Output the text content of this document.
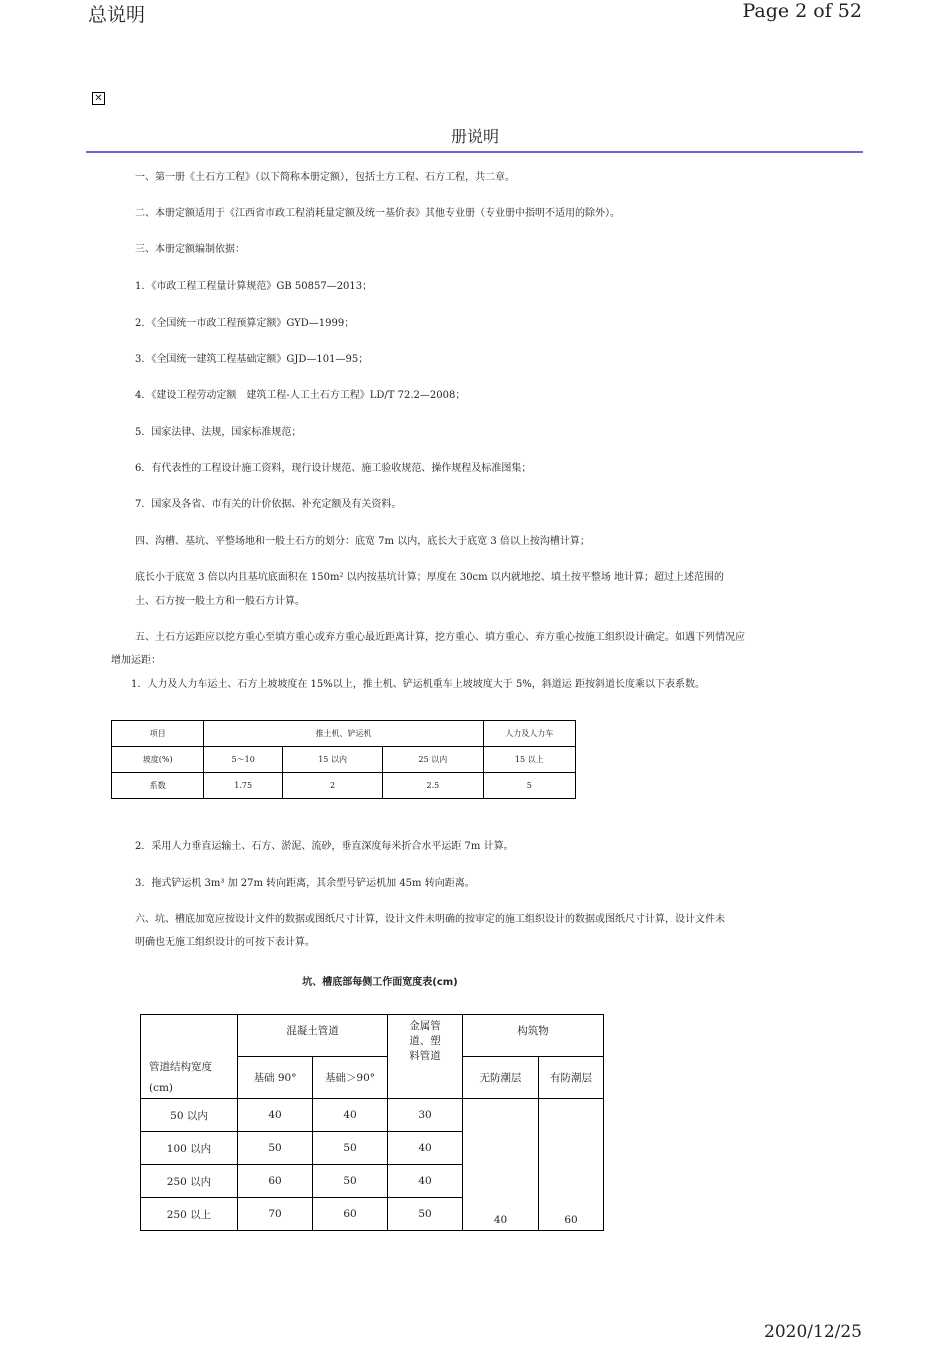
总说明	Page 2 of 52
✕
册说明
一、第一册《土石方工程》（以下简称本册定额），包括土方工程、石方工程，共二章。
二、本册定额适用于《江西省市政工程消耗量定额及统一基价表》其他专业册（专业册中指明不适用的除外）。
三、本册定额编制依据：
1．《市政工程工程量计算规范》GB 50857—2013；
2．《全国统一市政工程预算定额》GYD—1999；
3．《全国统一建筑工程基础定额》GJD—101—95；
4．《建设工程劳动定额　建筑工程-人工土石方工程》LD/T 72.2—2008；
5．国家法律、法规，国家标准规范；
6．有代表性的工程设计施工资料，现行设计规范、施工验收规范、操作规程及标准图集；
7．国家及各省、市有关的计价依据、补充定额及有关资料。
四、沟槽、基坑、平整场地和一般土石方的划分：底宽 7m 以内，底长大于底宽 3 倍以上按沟槽计算；
底长小于底宽 3 倍以内且基坑底面积在 150m² 以内按基坑计算；厚度在 30cm 以内就地挖、填土按平整场 地计算；超过上述范围的
土、石方按一般土方和一般石方计算。
五、土石方运距应以挖方重心至填方重心或弃方重心最近距离计算，挖方重心、填方重心、弃方重心按施工组织设计确定。如遇下列情况应
增加运距：
1．人力及人力车运土、石方上坡坡度在 15%以上，推土机、铲运机重车上坡坡度大于 5%，斜道运 距按斜道长度乘以下表系数。
项目	推土机、铲运机			人力及人力车
坡度(%)	5～10	15 以内	25 以内	15 以上
系数	1.75	2	2.5	5
2．采用人力垂直运输土、石方、淤泥、流砂，垂直深度每米折合水平运距 7m 计算。
3．拖式铲运机 3m³ 加 27m 转向距离，其余型号铲运机加 45m 转向距离。
六、坑、槽底加宽应按设计文件的数据或图纸尺寸计算，设计文件未明确的按审定的施工组织设计的数据或图纸尺寸计算，设计文件未
明确也无施工组织设计的可按下表计算。
坑、槽底部每侧工作面宽度表(cm)
管道结构宽度
(cm)	混凝土管道		金属管道、塑料管道	构筑物	
	基础 90°	基础＞90°		无防潮层	有防潮层
50 以内	40	40	30	40	60
100 以内	50	50	40		
250 以内	60	50	40		
250 以上	70	60	50		
2020/12/25
